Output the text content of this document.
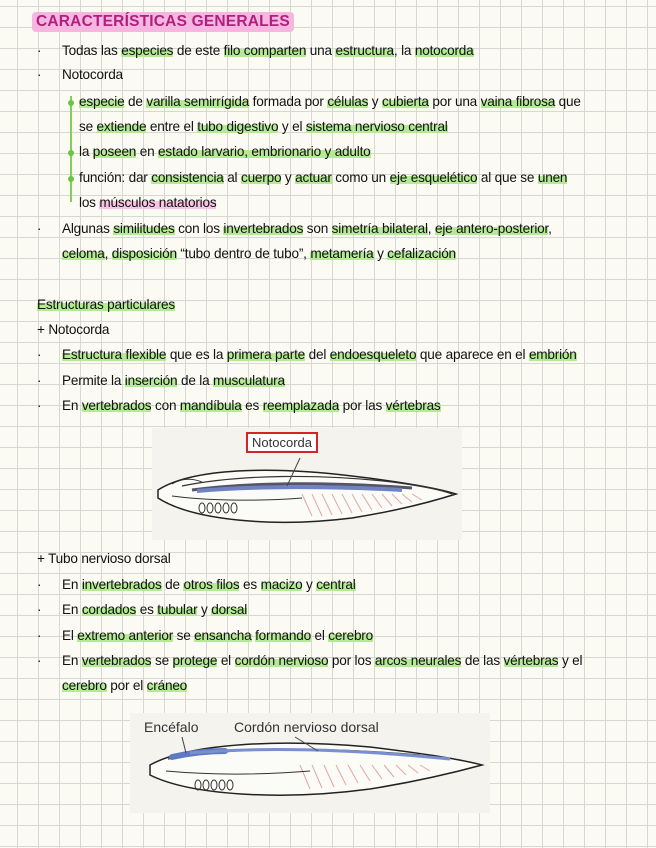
CARACTERÍSTICAS GENERALES
· Todas las especies de este filo comparten una estructura, la notocorda
· Notocorda
especie de varilla semirrígida formada por células y cubierta por una vaina fibrosa que
se extiende entre el tubo digestivo y el sistema nervioso central
la poseen en estado larvario, embrionario y adulto
función: dar consistencia al cuerpo y actuar como un eje esquelético al que se unen
los músculos natatorios
· Algunas similitudes con los invertebrados son simetría bilateral, eje antero-posterior,
celoma, disposición “tubo dentro de tubo”, metamería y cefalización
Estructuras particulares
+ Notocorda
· Estructura flexible que es la primera parte del endoesqueleto que aparece en el embrión
· Permite la inserción de la musculatura
· En vertebrados con mandíbula es reemplazada por las vértebras
Notocorda
+ Tubo nervioso dorsal
· En invertebrados de otros filos es macizo y central
· En cordados es tubular y dorsal
· El extremo anterior se ensancha formando el cerebro
· En vertebrados se protege el cordón nervioso por los arcos neurales de las vértebras y el
cerebro por el cráneo
Encéfalo	Cordón nervioso dorsal
